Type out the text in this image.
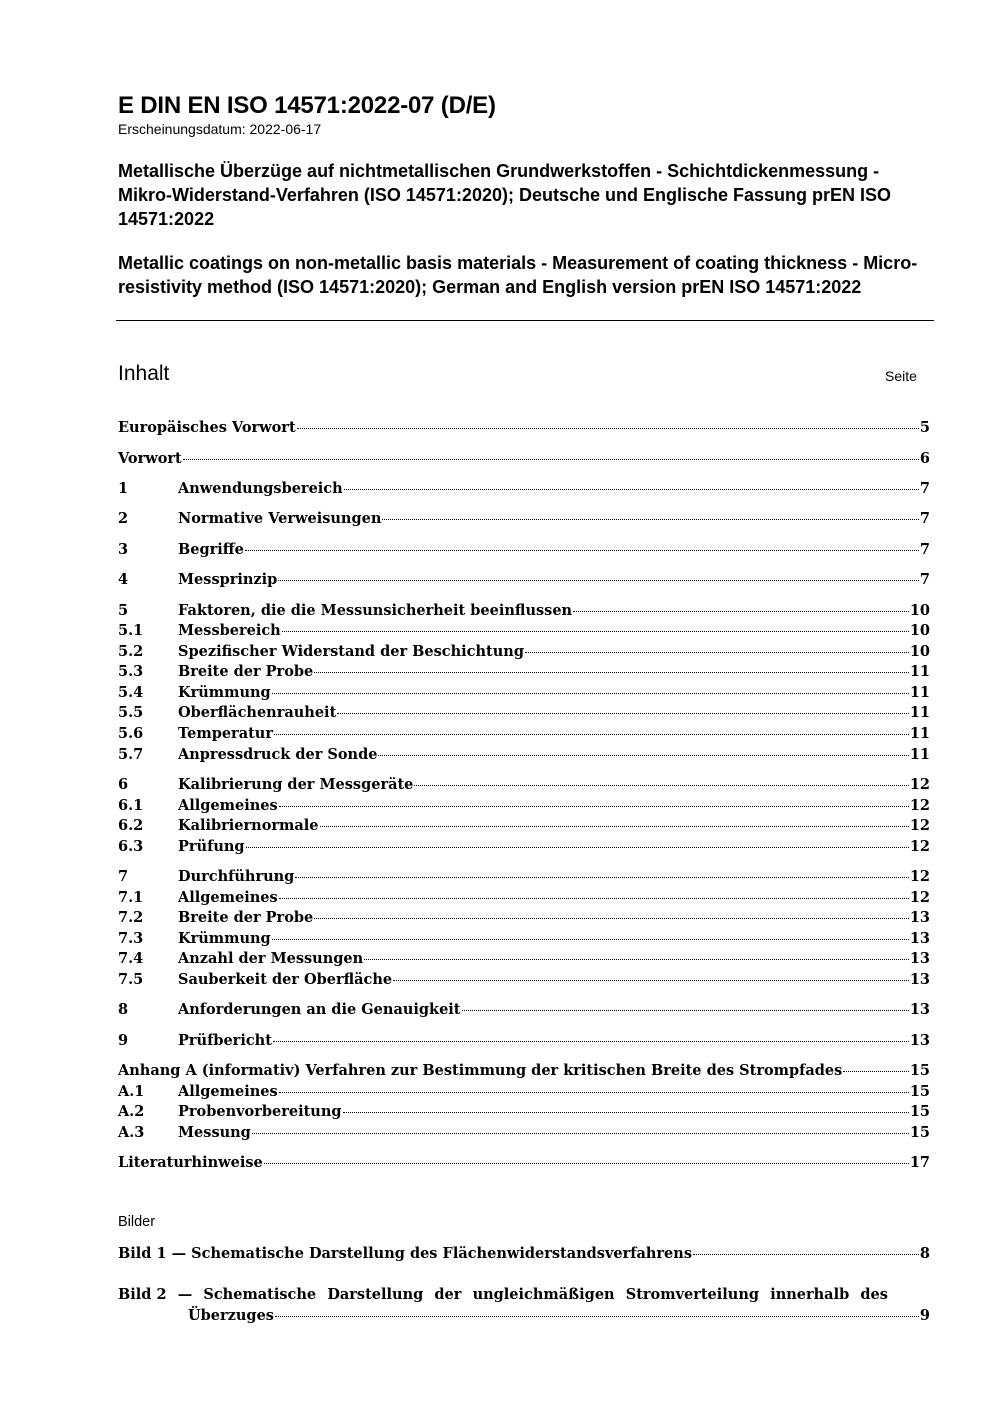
E DIN EN ISO 14571:2022-07 (D/E)
Erscheinungsdatum: 2022-06-17
Metallische Überzüge auf nichtmetallischen Grundwerkstoffen - Schichtdickenmessung - Mikro-Widerstand-Verfahren (ISO 14571:2020); Deutsche und Englische Fassung prEN ISO 14571:2022
Metallic coatings on non-metallic basis materials - Measurement of coating thickness - Micro-resistivity method (ISO 14571:2020); German and English version prEN ISO 14571:2022
Inhalt	Seite
Europäisches Vorwort	5
Vorwort	6
1	Anwendungsbereich	7
2	Normative Verweisungen	7
3	Begriffe	7
4	Messprinzip	7
5	Faktoren, die die Messunsicherheit beeinflussen	10
5.1	Messbereich	10
5.2	Spezifischer Widerstand der Beschichtung	10
5.3	Breite der Probe	11
5.4	Krümmung	11
5.5	Oberflächenrauheit	11
5.6	Temperatur	11
5.7	Anpressdruck der Sonde	11
6	Kalibrierung der Messgeräte	12
6.1	Allgemeines	12
6.2	Kalibriernormale	12
6.3	Prüfung	12
7	Durchführung	12
7.1	Allgemeines	12
7.2	Breite der Probe	13
7.3	Krümmung	13
7.4	Anzahl der Messungen	13
7.5	Sauberkeit der Oberfläche	13
8	Anforderungen an die Genauigkeit	13
9	Prüfbericht	13
Anhang A (informativ) Verfahren zur Bestimmung der kritischen Breite des Strompfades	15
A.1	Allgemeines	15
A.2	Probenvorbereitung	15
A.3	Messung	15
Literaturhinweise	17
Bilder
Bild 1 — Schematische Darstellung des Flächenwiderstandsverfahrens	8
Bild 2 — Schematische Darstellung der ungleichmäßigen Stromverteilung innerhalb des
Überzuges	9
